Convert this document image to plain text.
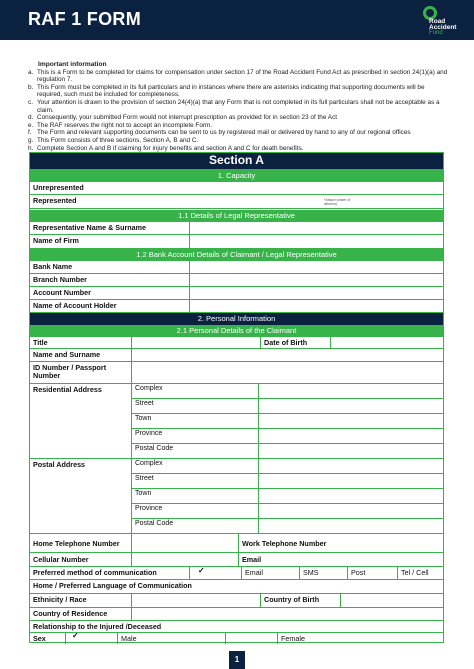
RAF 1 FORM	Road
Accident
Fund
Important information
a. This is a Form to be completed for claims for compensation under section 17 of the Road Accident Fund Act as prescribed in section 24(1)(a) and regulation 7.
b. This Form must be completed in its full particulars and in instances where there are asterisks indicating that supporting documents will be required, such must be included for completeness.
c. Your attention is drawn to the provision of section 24(4)(a) that any Form that is not completed in its full particulars shall not be acceptable as a claim.
d. Consequently, your submitted Form would not interrupt prescription as provided for in section 23 of the Act
e. The RAF reserves the right not to accept an incomplete Form.
f. The Form and relevant supporting documents can be sent to us by registered mail or delivered by hand to any of our regional offices
g. This Form consists of three sections, Section A, B and C.
h. Complete Section A and B if claiming for injury benefits and section A and C for death benefits.
Section A
1. Capacity
Unrepresented
Represented	*Attach power of attorney
1.1 Details of Legal Representative
Representative Name & Surname
Name of Firm
1.2 Bank Account Details of Claimant / Legal Representative
Bank Name
Branch Number
Account Number
Name of Account Holder
2. Personal Information
2.1 Personal Details of the Claimant
Title	Date of Birth
Name and Surname
ID Number / Passport Number
Residential Address	Complex
Street
Town
Province
Postal Code
Postal Address	Complex
Street
Town
Province
Postal Code
Home Telephone Number	Work Telephone Number
Cellular Number	Email
Preferred method of communication	✓	Email	SMS	Post	Tel / Cell
Home / Preferred Language of Communication
Ethnicity / Race	Country of Birth
Country of Residence
Relationship to the Injured /Deceased
Sex	✓	Male	Female
1
